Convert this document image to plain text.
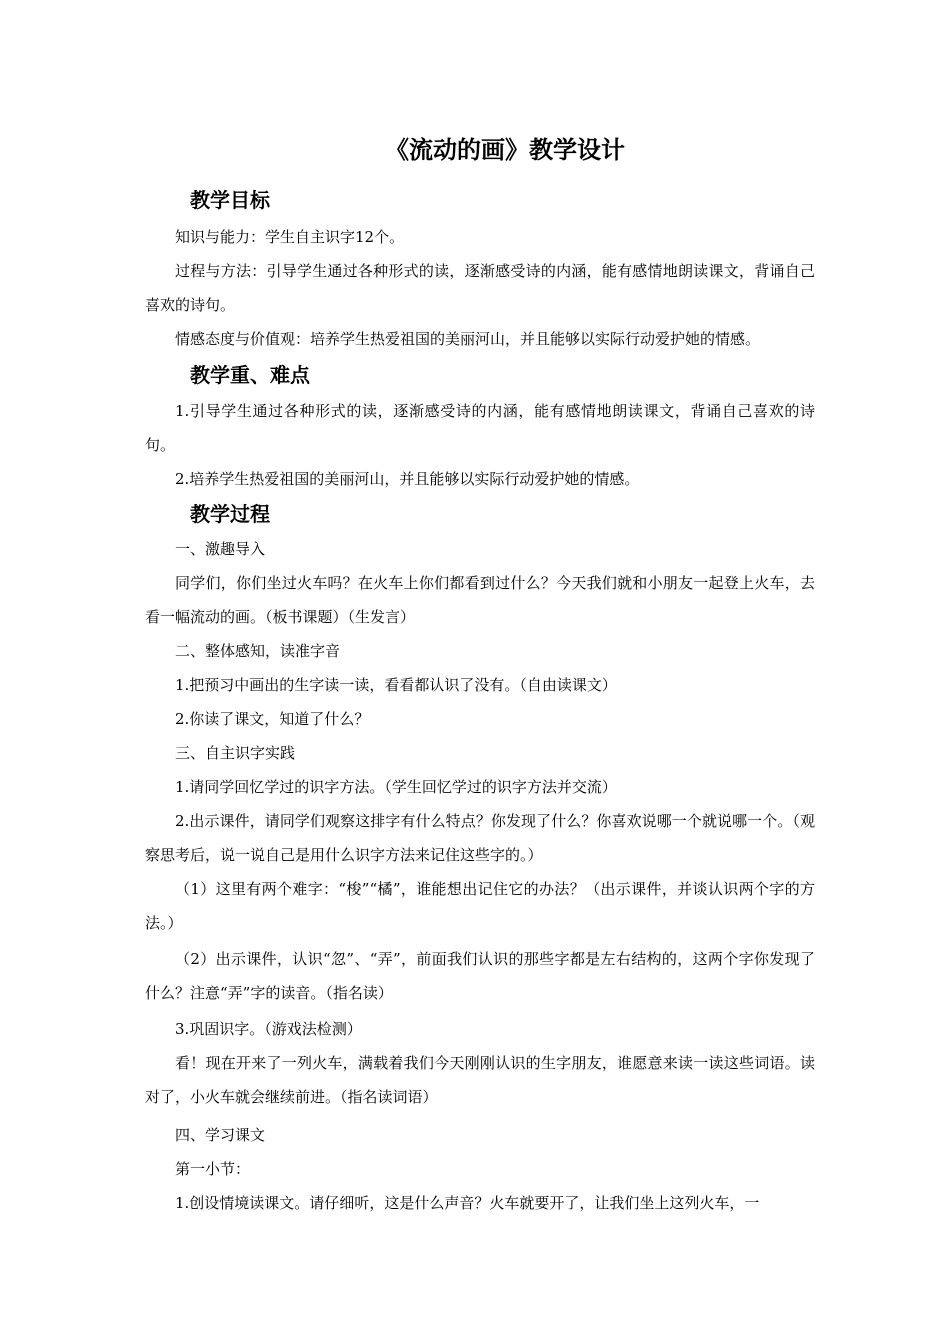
《流动的画》教学设计
教学目标
知识与能力：学生自主识字12个。
过程与方法：引导学生通过各种形式的读，逐渐感受诗的内涵，能有感情地朗读课文，背诵自己喜欢的诗句。
情感态度与价值观：培养学生热爱祖国的美丽河山，并且能够以实际行动爱护她的情感。
教学重、难点
1.引导学生通过各种形式的读，逐渐感受诗的内涵，能有感情地朗读课文，背诵自己喜欢的诗句。
2.培养学生热爱祖国的美丽河山，并且能够以实际行动爱护她的情感。
教学过程
一、激趣导入
同学们，你们坐过火车吗？在火车上你们都看到过什么？今天我们就和小朋友一起登上火车，去看一幅流动的画。（板书课题）（生发言）
二、整体感知，读准字音
1.把预习中画出的生字读一读，看看都认识了没有。（自由读课文）
2.你读了课文，知道了什么？
三、自主识字实践
1.请同学回忆学过的识字方法。（学生回忆学过的识字方法并交流）
2.出示课件，请同学们观察这排字有什么特点？你发现了什么？你喜欢说哪一个就说哪一个。（观察思考后，说一说自己是用什么识字方法来记住这些字的。）
（1）这里有两个难字：“梭”“橘”，谁能想出记住它的办法？（出示课件，并谈认识两个字的方法。）
（2）出示课件，认识“忽”、“弄”，前面我们认识的那些字都是左右结构的，这两个字你发现了什么？注意“弄”字的读音。（指名读）
3.巩固识字。（游戏法检测）
看！现在开来了一列火车，满载着我们今天刚刚认识的生字朋友，谁愿意来读一读这些词语。读对了，小火车就会继续前进。（指名读词语）
四、学习课文
第一小节：
1.创设情境读课文。请仔细听，这是什么声音？火车就要开了，让我们坐上这列火车，一
